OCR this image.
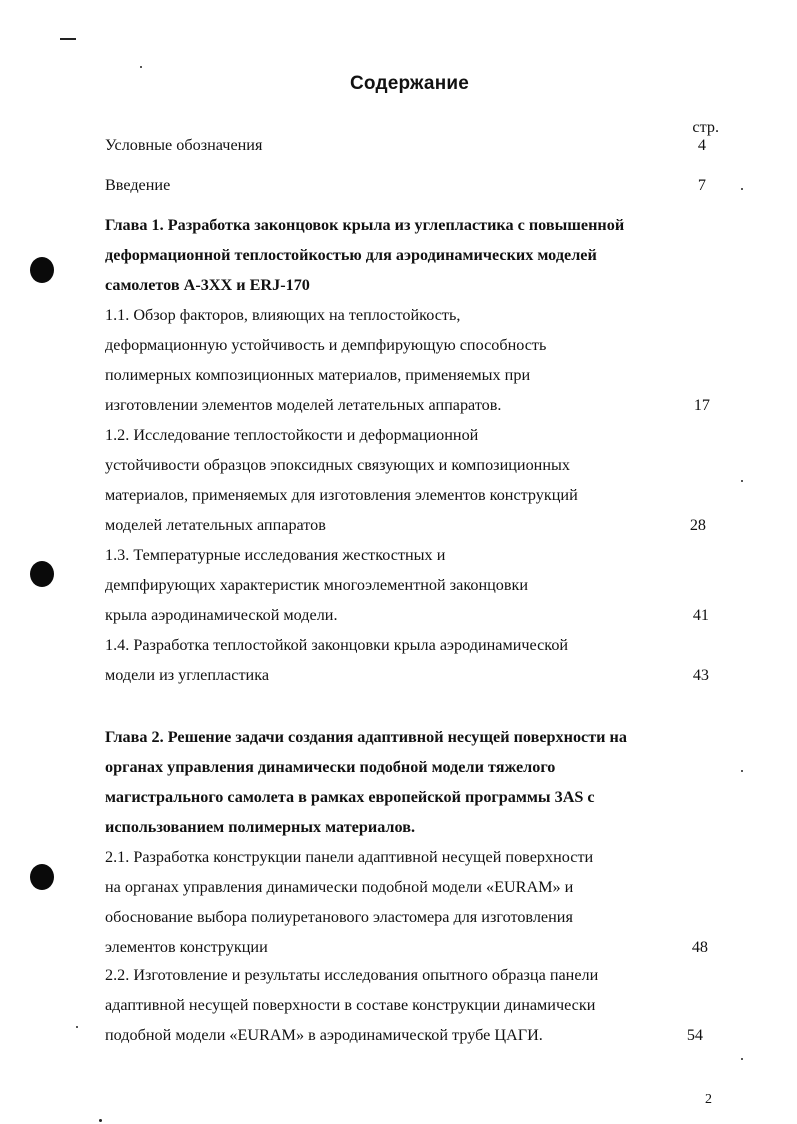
Содержание
стр.
Условные обозначения	4
Введение	7
Глава 1. Разработка законцовок крыла из углепластика с повышенной
деформационной теплостойкостью для аэродинамических моделей
самолетов А-3XX и ERJ-170
1.1. Обзор факторов, влияющих на теплостойкость,
деформационную устойчивость и демпфирующую способность
полимерных композиционных материалов, применяемых при
изготовлении элементов моделей летательных аппаратов.	17
1.2. Исследование теплостойкости и деформационной
устойчивости образцов эпоксидных связующих и композиционных
материалов, применяемых для изготовления элементов конструкций
моделей летательных аппаратов	28
1.3. Температурные исследования жесткостных и
демпфирующих характеристик многоэлементной законцовки
крыла аэродинамической модели.	41
1.4. Разработка теплостойкой законцовки крыла аэродинамической
модели из углепластика	43
Глава 2. Решение задачи создания адаптивной несущей поверхности на
органах управления динамически подобной модели тяжелого
магистрального самолета в рамках европейской программы 3AS с
использованием полимерных материалов.
2.1. Разработка конструкции панели адаптивной несущей поверхности
на органах управления динамически подобной модели «EURAM» и
обоснование выбора полиуретанового эластомера для изготовления
элементов конструкции	48
2.2. Изготовление и результаты исследования опытного образца панели
адаптивной несущей поверхности в составе конструкции динамически
подобной модели «EURAM» в аэродинамической трубе ЦАГИ.	54
2
